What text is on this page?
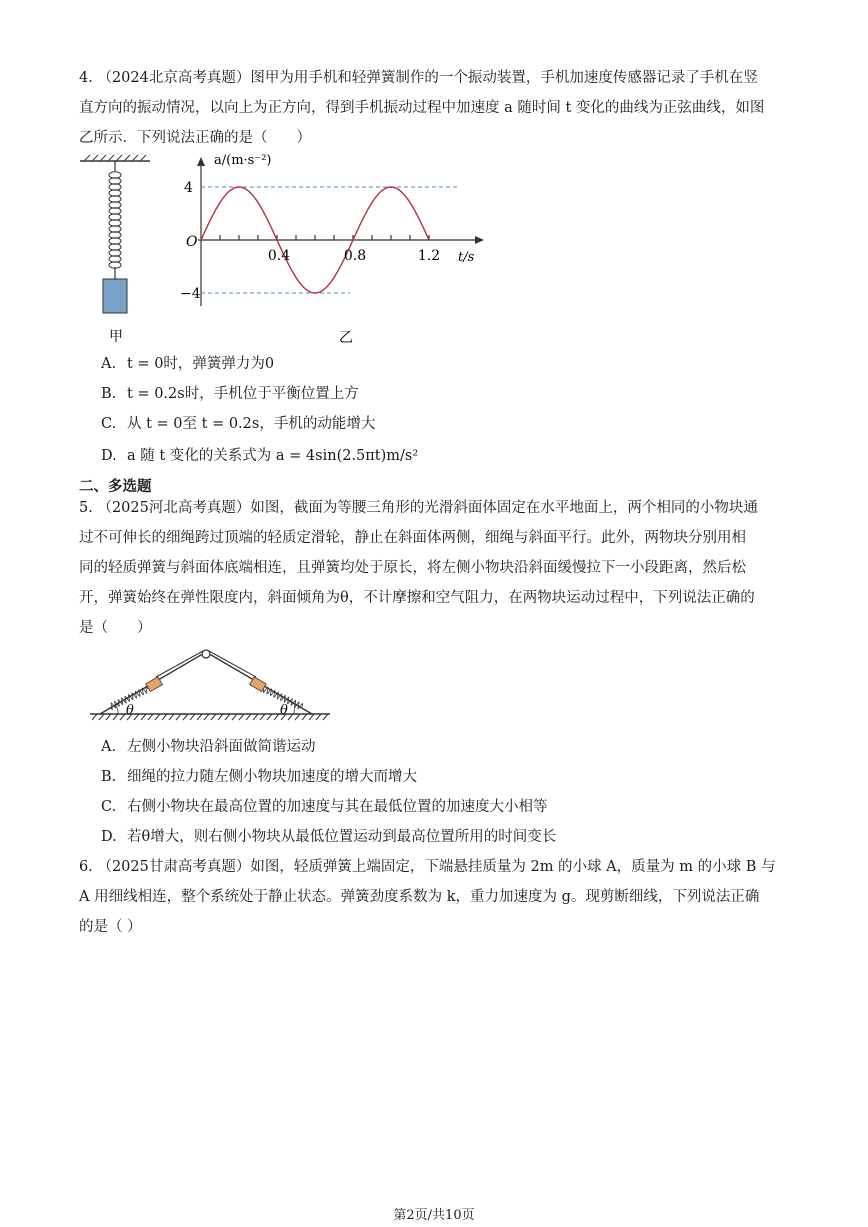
4. （2024北京高考真题）图甲为用手机和轻弹簧制作的一个振动装置，手机加速度传感器记录了手机在竖
直方向的振动情况，以向上为正方向，得到手机振动过程中加速度 a 随时间 t 变化的曲线为正弦曲线，如图
乙所示．下列说法正确的是（　　）
甲
O
a/(m·s⁻²)
t/s
4
−4
0.4	0.8	1.2
乙
A. t = 0时，弹簧弹力为0
B. t = 0.2s时，手机位于平衡位置上方
C. 从 t = 0至 t = 0.2s，手机的动能增大
D. a 随 t 变化的关系式为 a = 4sin(2.5πt)m/s²
二、多选题
5. （2025河北高考真题）如图，截面为等腰三角形的光滑斜面体固定在水平地面上，两个相同的小物块通
过不可伸长的细绳跨过顶端的轻质定滑轮，静止在斜面体两侧，细绳与斜面平行。此外，两物块分别用相
同的轻质弹簧与斜面体底端相连，且弹簧均处于原长，将左侧小物块沿斜面缓慢拉下一小段距离，然后松
开，弹簧始终在弹性限度内，斜面倾角为θ，不计摩擦和空气阻力，在两物块运动过程中，下列说法正确的
是（　　）
θ	θ
A. 左侧小物块沿斜面做简谐运动
B. 细绳的拉力随左侧小物块加速度的增大而增大
C. 右侧小物块在最高位置的加速度与其在最低位置的加速度大小相等
D. 若θ增大，则右侧小物块从最低位置运动到最高位置所用的时间变长
6. （2025甘肃高考真题）如图，轻质弹簧上端固定，下端悬挂质量为 2m 的小球 A，质量为 m 的小球 B 与
A 用细线相连，整个系统处于静止状态。弹簧劲度系数为 k，重力加速度为 g。现剪断细线，下列说法正确
的是（ ）
第2页/共10页
